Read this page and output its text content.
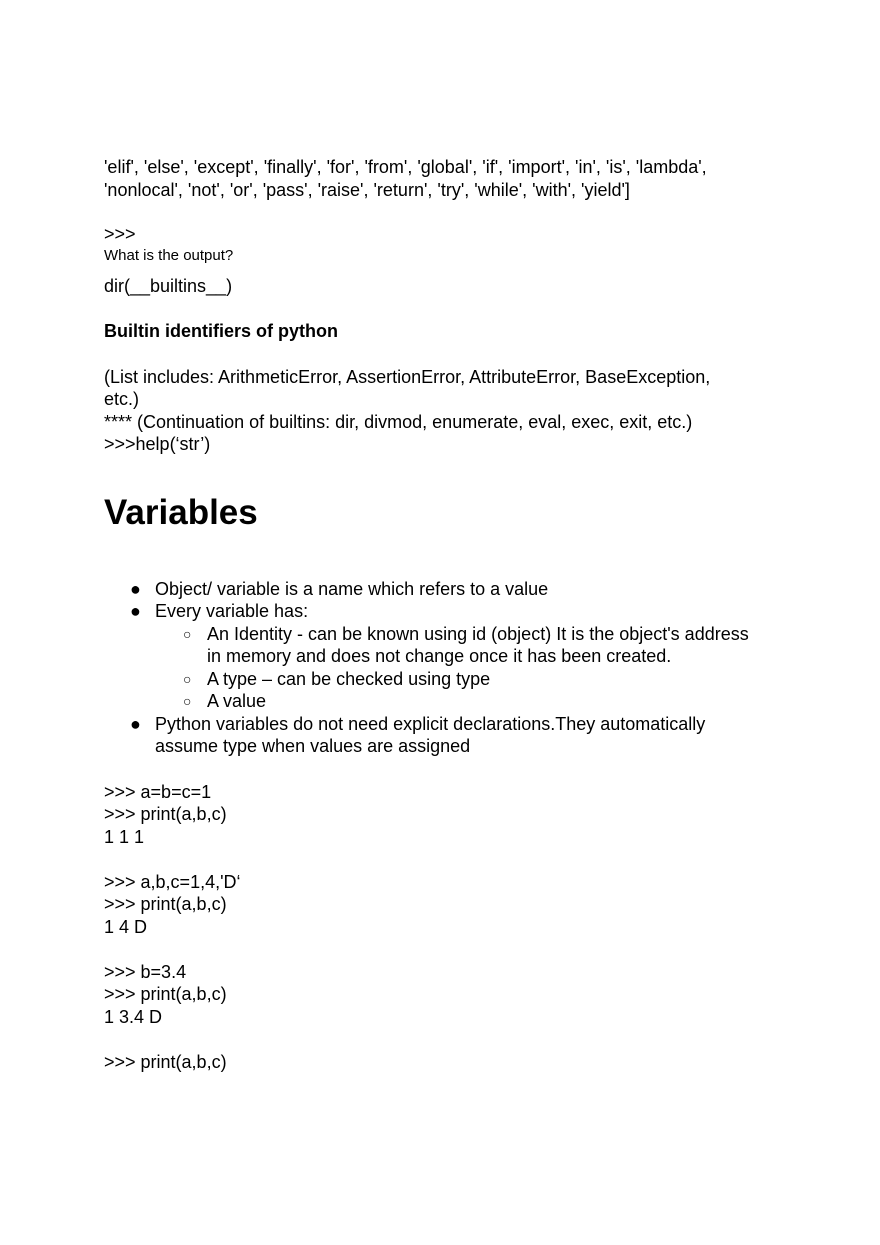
'elif', 'else', 'except', 'finally', 'for', 'from', 'global', 'if', 'import', 'in', 'is', 'lambda',

'nonlocal', 'not', 'or', 'pass', 'raise', 'return', 'try', 'while', 'with', 'yield']

>>>

What is the output?

dir(__builtins__)

Builtin identifiers of python

(List includes: ArithmeticError, AssertionError, AttributeError, BaseException,

etc.)

**** (Continuation of builtins: dir, divmod, enumerate, eval, exec, exit, etc.)

>>>help(‘str’)

Variables
● Object/ variable is a name which refers to a value
● Every variable has:
○ An Identity - can be known using id (object) It is the object's address
in memory and does not change once it has been created.
○ A type – can be checked using type
○ A value
● Python variables do not need explicit declarations.They automatically
assume type when values are assigned

>>> a=b=c=1

>>> print(a,b,c)

1 1 1

>>> a,b,c=1,4,'D‘

>>> print(a,b,c)

1 4 D

>>> b=3.4

>>> print(a,b,c)

1 3.4 D

>>> print(a,b,c)
